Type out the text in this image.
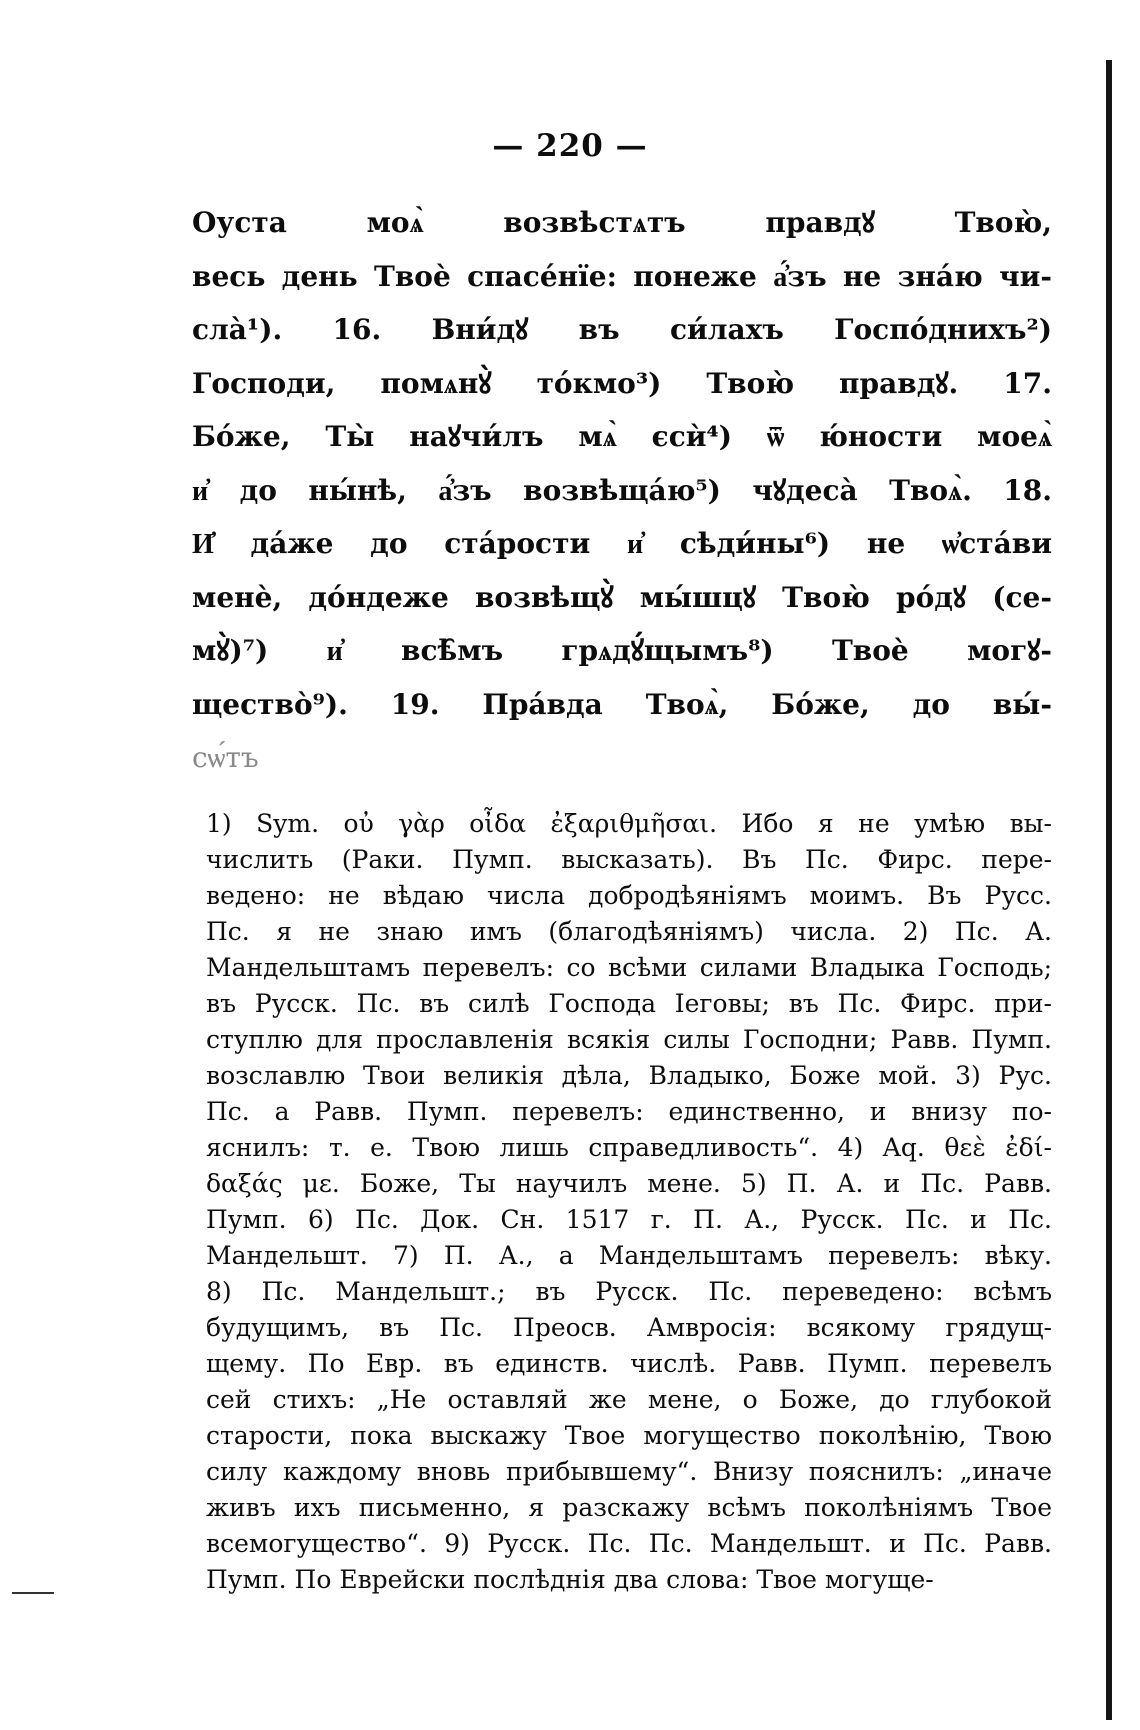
— 220 —
Оуста моѧ̀ возвѣстѧтъ правдꙋ Твою̀,
весь день Твоѐ спасе́нїе: понеже а҆́зъ не зна́ю чи-
сла̀¹). 16. Вни́дꙋ въ си́лахъ Госпо́днихъ²)
Господи, помѧнꙋ̀ то́кмо³) Твою̀ правдꙋ. 17.
Бо́же, Ты̀ наꙋчи́лъ мѧ̀ єсѝ⁴) ѿ ю́ности моеѧ̀
и҆ до ны́нѣ, а҆́зъ возвѣща́ю⁵) чꙋдеса̀ Твоѧ̀. 18.
И҆ да́же до ста́рости и҆ сѣди́ны⁶) не ѡ҆ста́ви
менѐ, до́ндеже возвѣщꙋ̀ мы́шцꙋ Твою̀ ро́дꙋ (се-
мꙋ̀)⁷) и҆ всѣ̑мъ грѧдꙋ́щымъ⁸) Твоѐ могꙋ-
щество̀⁹). 19. Пра́вда Твоѧ̀, Бо́же, до вы́-
сѡ́тъ
1) Sym. οὐ γὰρ οἶδα ἐξαριθμῆσαι. Ибо я не умѣю вы-
числить (Раки. Пумп. высказать). Въ Пс. Фирс. пере-
ведено: не вѣдаю числа добродѣяніямъ моимъ. Въ Русс.
Пс. я не знаю имъ (благодѣяніямъ) числа. 2) Пс. А.
Мандельштамъ перевелъ: со всѣми силами Владыка Господь;
въ Русск. Пс. въ силѣ Господа Іеговы; въ Пс. Фирс. при-
ступлю для прославленія всякія силы Господни; Равв. Пумп.
возславлю Твои великія дѣла, Владыко, Боже мой. 3) Рус.
Пс. а Равв. Пумп. перевелъ: единственно, и внизу по-
яснилъ: т. е. Твою лишь справедливость“. 4) Aq. θεὲ ἐδί-
δαξάς με. Боже, Ты научилъ мене. 5) П. А. и Пс. Равв.
Пумп. 6) Пс. Док. Сн. 1517 г. П. А., Русск. Пс. и Пс.
Мандельшт. 7) П. А., а Мандельштамъ перевелъ: вѣку.
8) Пс. Мандельшт.; въ Русск. Пс. переведено: всѣмъ
будущимъ, въ Пс. Преосв. Амвросія: всякому грядущ-
щему. По Евр. въ единств. числѣ. Равв. Пумп. перевелъ
сей стихъ: „Не оставляй же мене, о Боже, до глубокой
старости, пока выскажу Твое могущество поколѣнію, Твою
силу каждому вновь прибывшему“. Внизу пояснилъ: „иначе
живъ ихъ письменно, я разскажу всѣмъ поколѣніямъ Твое
всемогущество“. 9) Русск. Пс. Пс. Мандельшт. и Пс. Равв.
Пумп. По Еврейски послѣднія два слова: Твое могуще-
